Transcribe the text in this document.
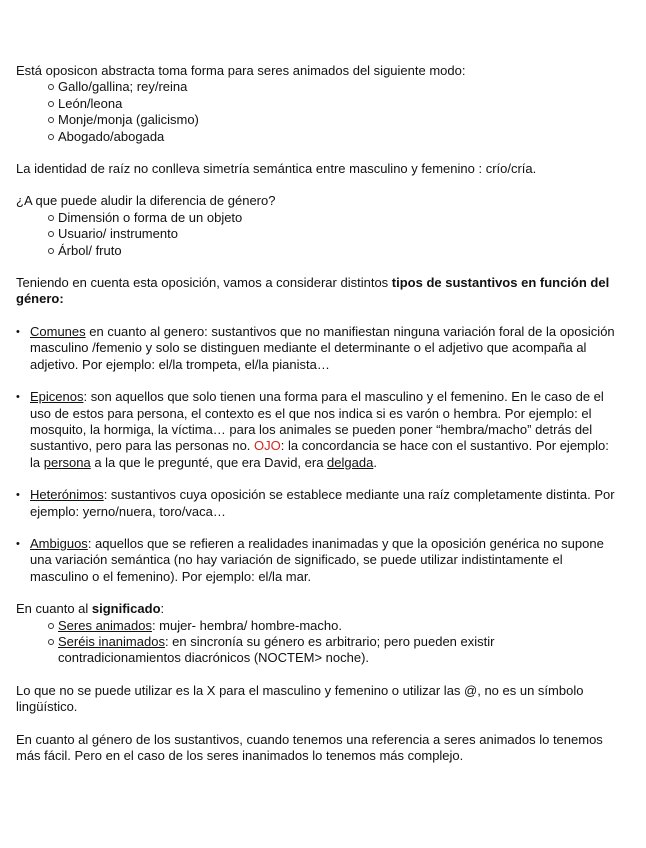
Está oposicon abstracta toma forma para seres animados del siguiente modo:

Gallo/gallina; rey/reina
León/leona
Monje/monja (galicismo)
Abogado/abogada

La identidad de raíz no conlleva simetría semántica entre masculino y femenino : crío/cría.

¿A que puede aludir la diferencia de género?

Dimensión o forma de un objeto
Usuario/ instrumento
Árbol/ fruto

Teniendo en cuenta esta oposición, vamos a considerar distintos tipos de sustantivos en función del género:

• Comunes en cuanto al genero: sustantivos que no manifiestan ninguna variación foral de la oposición masculino /femenio y solo se distinguen mediante el determinante o el adjetivo que acompaña al adjetivo. Por ejemplo: el/la trompeta, el/la pianista…
• Epicenos: son aquellos que solo tienen una forma para el masculino y el femenino. En le caso de el uso de estos para persona, el contexto es el que nos indica si es varón o hembra. Por ejemplo: el mosquito, la hormiga, la víctima… para los animales se pueden poner “hembra/macho” detrás del sustantivo, pero para las personas no. OJO: la concordancia se hace con el sustantivo. Por ejemplo: la persona a la que le pregunté, que era David, era delgada.
• Heterónimos: sustantivos cuya oposición se establece mediante una raíz completamente distinta. Por ejemplo: yerno/nuera, toro/vaca…
• Ambiguos: aquellos que se refieren a realidades inanimadas y que la oposición genérica no supone una variación semántica (no hay variación de significado, se puede utilizar indistintamente el masculino o el femenino). Por ejemplo: el/la mar.

En cuanto al significado:

Seres animados: mujer- hembra/ hombre-macho.
Seréis inanimados: en sincronía su género es arbitrario; pero pueden existir contradicionamientos diacrónicos (NOCTEM> noche).

Lo que no se puede utilizar es la X para el masculino y femenino o utilizar las @, no es un símbolo lingüístico.

En cuanto al género de los sustantivos, cuando tenemos una referencia a seres animados lo tenemos más fácil. Pero en el caso de los seres inanimados lo tenemos más complejo.
